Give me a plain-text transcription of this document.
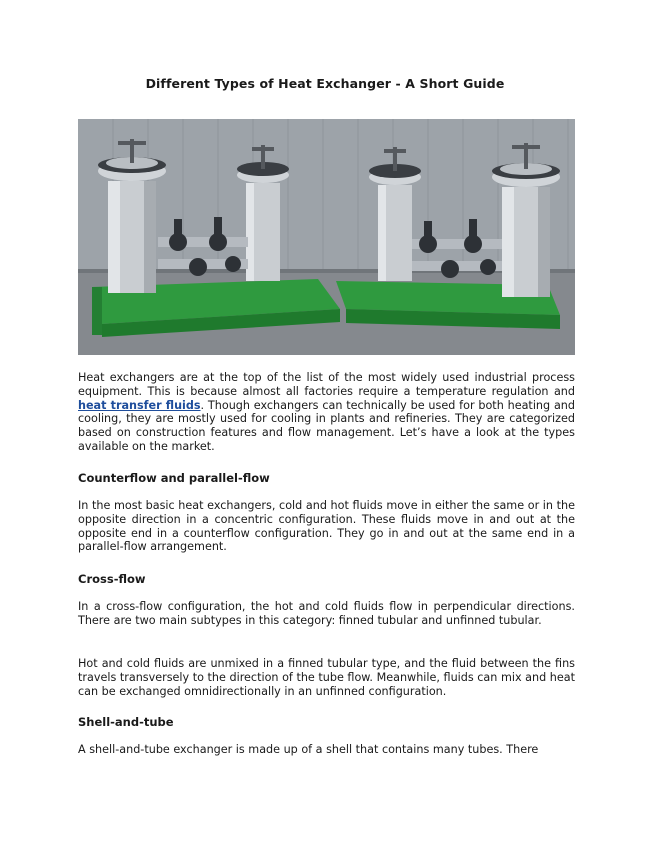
Different Types of Heat Exchanger - A Short Guide
Heat exchangers are at the top of the list of the most widely used industrial process equipment. This is because almost all factories require a temperature regulation and heat transfer fluids. Though exchangers can technically be used for both heating and cooling, they are mostly used for cooling in plants and refineries. They are categorized based on construction features and flow management. Let’s have a look at the types available on the market.
Counterflow and parallel-flow
In the most basic heat exchangers, cold and hot fluids move in either the same or in the opposite direction in a concentric configuration. These fluids move in and out at the opposite end in a counterflow configuration. They go in and out at the same end in a parallel-flow arrangement.
Cross-flow
In a cross-flow configuration, the hot and cold fluids flow in perpendicular directions. There are two main subtypes in this category: finned tubular and unfinned tubular.
Hot and cold fluids are unmixed in a finned tubular type, and the fluid between the fins travels transversely to the direction of the tube flow. Meanwhile, fluids can mix and heat can be exchanged omnidirectionally in an unfinned configuration.
Shell-and-tube
A shell-and-tube exchanger is made up of a shell that contains many tubes. There
